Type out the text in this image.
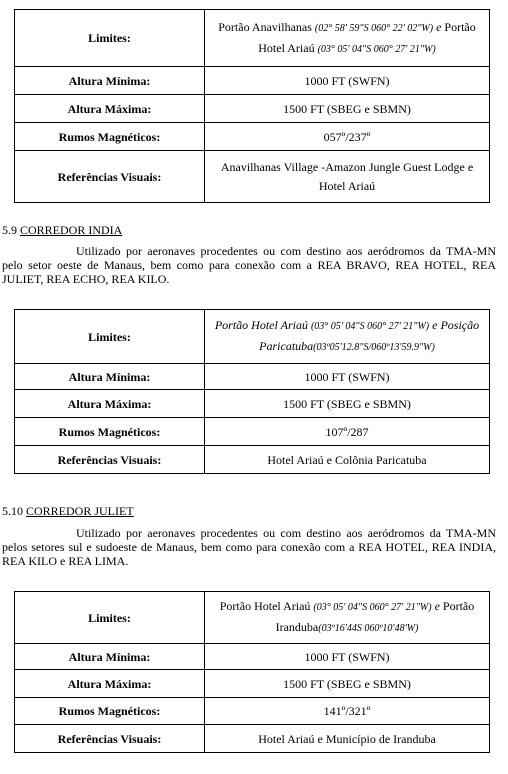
Limites:	Portão Anavilhanas (02° 58' 59"S 060° 22' 02"W) e Portão
Hotel Ariaú (03° 05' 04"S 060° 27' 21"W)

Altura Mínima:	1000 FT (SWFN)
Altura Máxima:	1500 FT (SBEG e SBMN)
Rumos Magnéticos:	057º/237º
Referências Visuais:	Anavilhanas Village -Amazon Jungle Guest Lodge e
Hotel Ariaú
5.9 CORREDOR INDIA

Utilizado por aeronaves procedentes ou com destino aos aeródromos da TMA-MN pelo setor oeste de Manaus, bem como para conexão com a REA BRAVO, REA HOTEL, REA JULIET, REA ECHO, REA KILO.

Limites:	Portão Hotel Ariaú (03° 05' 04"S 060° 27' 21"W) e Posição
Paricatuba(03º05'12.8"S/060º13'59.9"W)

Altura Mínima:	1000 FT (SWFN)
Altura Máxima:	1500 FT (SBEG e SBMN)
Rumos Magnéticos:	107º/287
Referências Visuais:	Hotel Ariaú e Colônia Paricatuba
5.10 CORREDOR JULIET

Utilizado por aeronaves procedentes ou com destino aos aeródromos da TMA-MN pelos setores sul e sudoeste de Manaus, bem como para conexão com a REA HOTEL, REA INDIA, REA KILO e REA LIMA.

Limites:	Portão Hotel Ariaú (03° 05' 04"S 060° 27' 21"W) e Portão
Iranduba(03º16'44S 060º10'48'W)

Altura Mínima:	1000 FT (SWFN)
Altura Máxima:	1500 FT (SBEG e SBMN)
Rumos Magnéticos:	141º/321º
Referências Visuais:	Hotel Ariaú e Município de Iranduba
